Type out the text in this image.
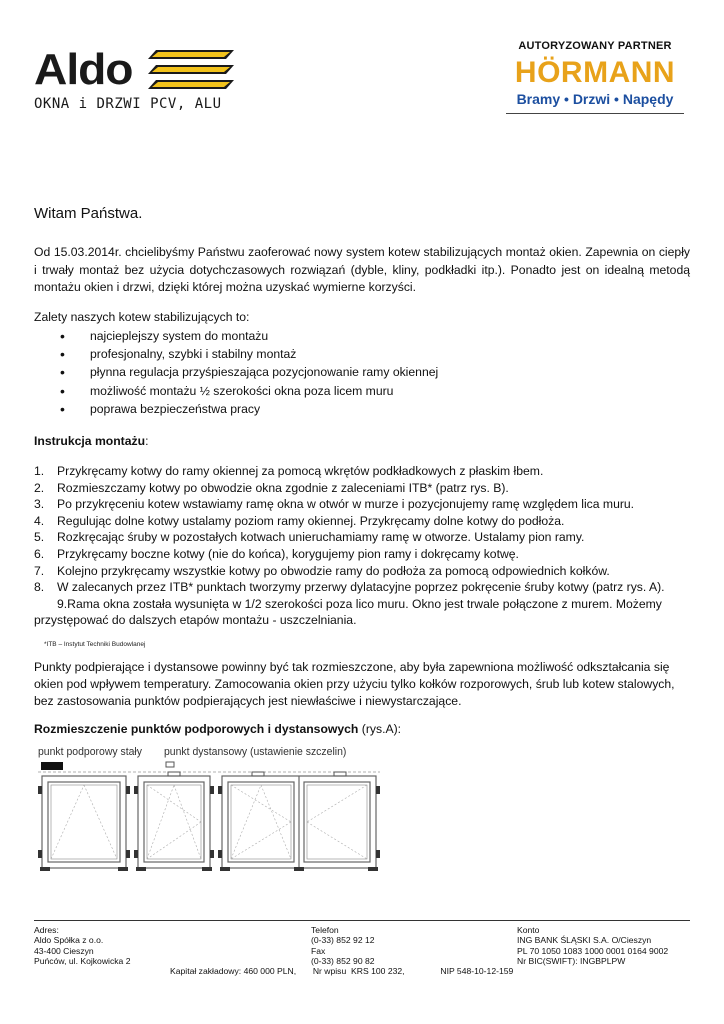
Aldo
OKNA i DRZWI PCV, ALU
AUTORYZOWANY PARTNER
HÖRMANN
Bramy • Drzwi • Napędy
Witam Państwa.
Od 15.03.2014r. chcielibyśmy Państwu zaoferować nowy system kotew stabilizujących montaż okien. Zapewnia on ciepły i trwały montaż bez użycia dotychczasowych rozwiązań (dyble, kliny, podkładki itp.). Ponadto jest on idealną metodą montażu okien i drzwi, dzięki której można uzyskać wymierne korzyści.
Zalety naszych kotew stabilizujących to:
• najcieplejszy system do montażu
• profesjonalny, szybki i stabilny montaż
• płynna regulacja przyśpieszająca pozycjonowanie ramy okiennej
• możliwość montażu ½ szerokości okna poza licem muru
• poprawa bezpieczeństwa pracy
Instrukcja montażu:
1. Przykręcamy kotwy do ramy okiennej za pomocą wkrętów podkładkowych z płaskim łbem.
2. Rozmieszczamy kotwy po obwodzie okna zgodnie z zaleceniami ITB* (patrz rys. B).
3. Po przykręceniu kotew wstawiamy ramę okna w otwór w murze i pozycjonujemy ramę względem lica muru.
4. Regulując dolne kotwy ustalamy poziom ramy okiennej. Przykręcamy dolne kotwy do podłoża.
5. Rozkręcając śruby w pozostałych kotwach unieruchamiamy ramę w otworze. Ustalamy pion ramy.
6. Przykręcamy boczne kotwy (nie do końca), korygujemy pion ramy i dokręcamy kotwę.
7. Kolejno przykręcamy wszystkie kotwy po obwodzie ramy do podłoża za pomocą odpowiednich kołków.
8. W zalecanych przez ITB* punktach tworzymy przerwy dylatacyjne poprzez pokręcenie śruby kotwy (patrz rys. A).
9.Rama okna została wysunięta w 1/2 szerokości poza lico muru. Okno jest trwale połączone z murem. Możemy przystępować do dalszych etapów montażu - uszczelniania.
*ITB – Instytut Techniki Budowlanej
Punkty podpierające i dystansowe powinny być tak rozmieszczone, aby była zapewniona możliwość odkształcania się okien pod wpływem temperatury. Zamocowania okien przy użyciu tylko kołków rozporowych, śrub lub kotew stalowych, bez zastosowania punktów podpierających jest niewłaściwe i niewystarczające.
Rozmieszczenie punktów podporowych i dystansowych (rys.A):
punkt podporowy stały punkt dystansowy (ustawienie szczelin)
Adres:
Aldo Spółka z o.o.
43-400 Cieszyn
Puńców, ul. Kojkowicka 2
Telefon
(0-33) 852 92 12
Fax
(0-33) 852 90 82
Konto
ING BANK ŚLĄSKI S.A. O/Cieszyn
PL 70 1050 1083 1000 0001 0164 9002
Nr BIC(SWIFT): INGBPLPW
Kapitał zakładowy: 460 000 PLN,       Nr wpisu  KRS 100 232,               NIP 548-10-12-159
